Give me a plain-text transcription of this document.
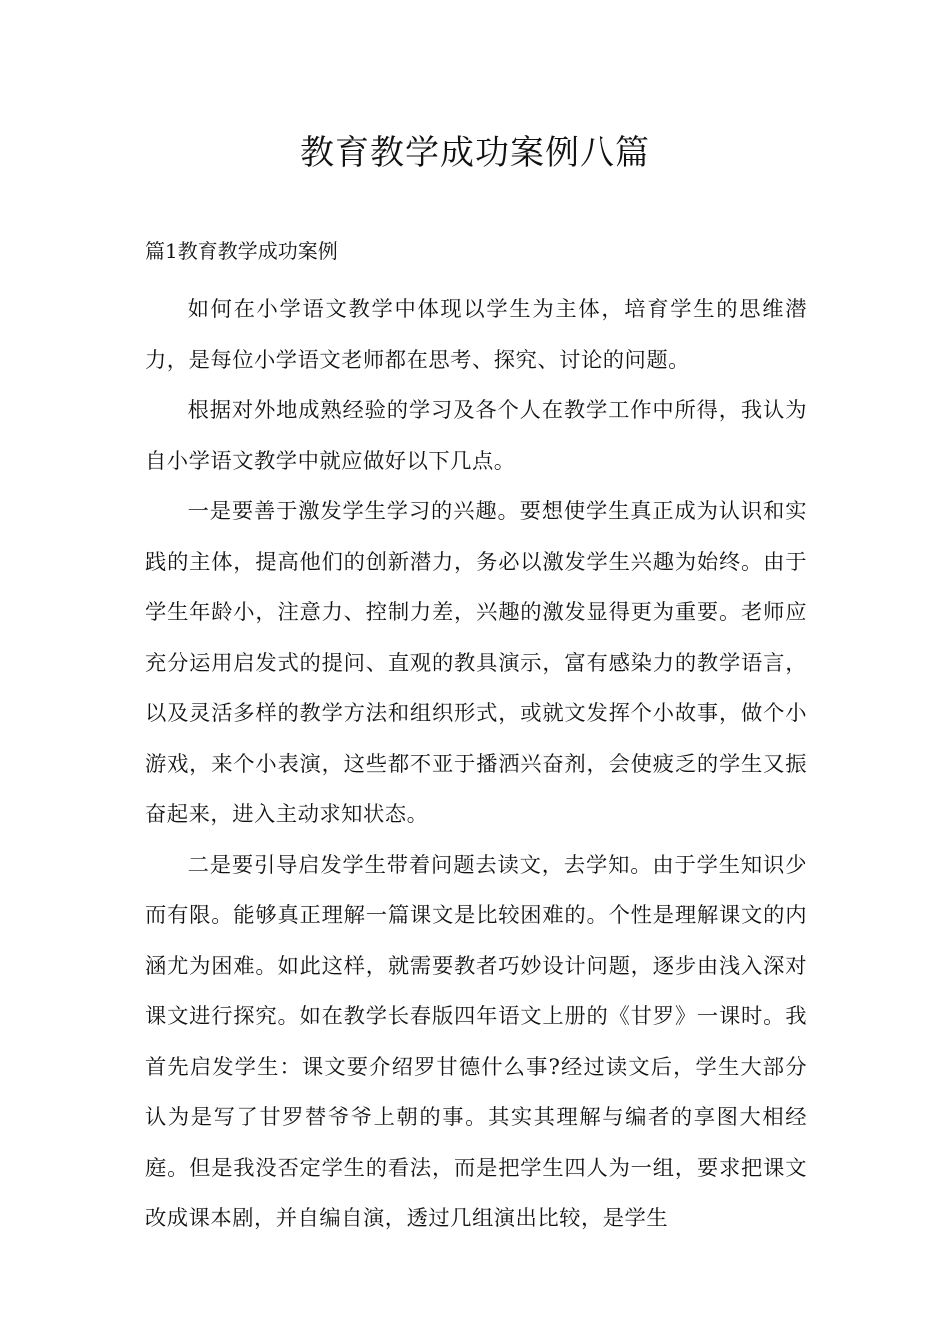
教育教学成功案例八篇
篇1教育教学成功案例

如何在小学语文教学中体现以学生为主体，培育学生的思维潜力，是每位小学语文老师都在思考、探究、讨论的问题。

根据对外地成熟经验的学习及各个人在教学工作中所得，我认为自小学语文教学中就应做好以下几点。

一是要善于激发学生学习的兴趣。要想使学生真正成为认识和实践的主体，提高他们的创新潜力，务必以激发学生兴趣为始终。由于学生年龄小，注意力、控制力差，兴趣的激发显得更为重要。老师应充分运用启发式的提问、直观的教具演示，富有感染力的教学语言，以及灵活多样的教学方法和组织形式，或就文发挥个小故事，做个小游戏，来个小表演，这些都不亚于播洒兴奋剂，会使疲乏的学生又振奋起来，进入主动求知状态。

二是要引导启发学生带着问题去读文，去学知。由于学生知识少而有限。能够真正理解一篇课文是比较困难的。个性是理解课文的内涵尤为困难。如此这样，就需要教者巧妙设计问题，逐步由浅入深对课文进行探究。如在教学长春版四年语文上册的《甘罗》一课时。我首先启发学生：课文要介绍罗甘德什么事?经过读文后，学生大部分认为是写了甘罗替爷爷上朝的事。其实其理解与编者的享图大相经庭。但是我没否定学生的看法，而是把学生四人为一组，要求把课文改成课本剧，并自编自演，透过几组演出比较，是学生
